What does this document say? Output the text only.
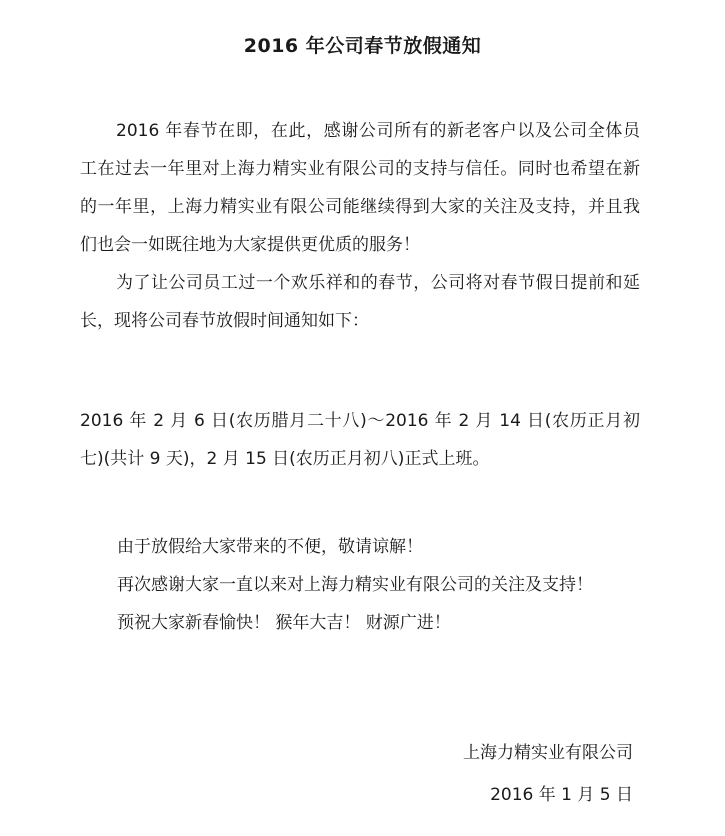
2016 年公司春节放假通知

2016 年春节在即，在此，感谢公司所有的新老客户以及公司全体员工在过去一年里对上海力精实业有限公司的支持与信任。同时也希望在新的一年里，上海力精实业有限公司能继续得到大家的关注及支持，并且我们也会一如既往地为大家提供更优质的服务！

为了让公司员工过一个欢乐祥和的春节，公司将对春节假日提前和延长，现将公司春节放假时间通知如下：

2016 年 2 月 6 日(农历腊月二十八)～2016 年 2 月 14 日(农历正月初七)(共计 9 天)，2 月 15 日(农历正月初八)正式上班。

由于放假给大家带来的不便，敬请谅解！

再次感谢大家一直以来对上海力精实业有限公司的关注及支持！

预祝大家新春愉快！ 猴年大吉！ 财源广进！

上海力精实业有限公司
2016 年 1 月 5 日
